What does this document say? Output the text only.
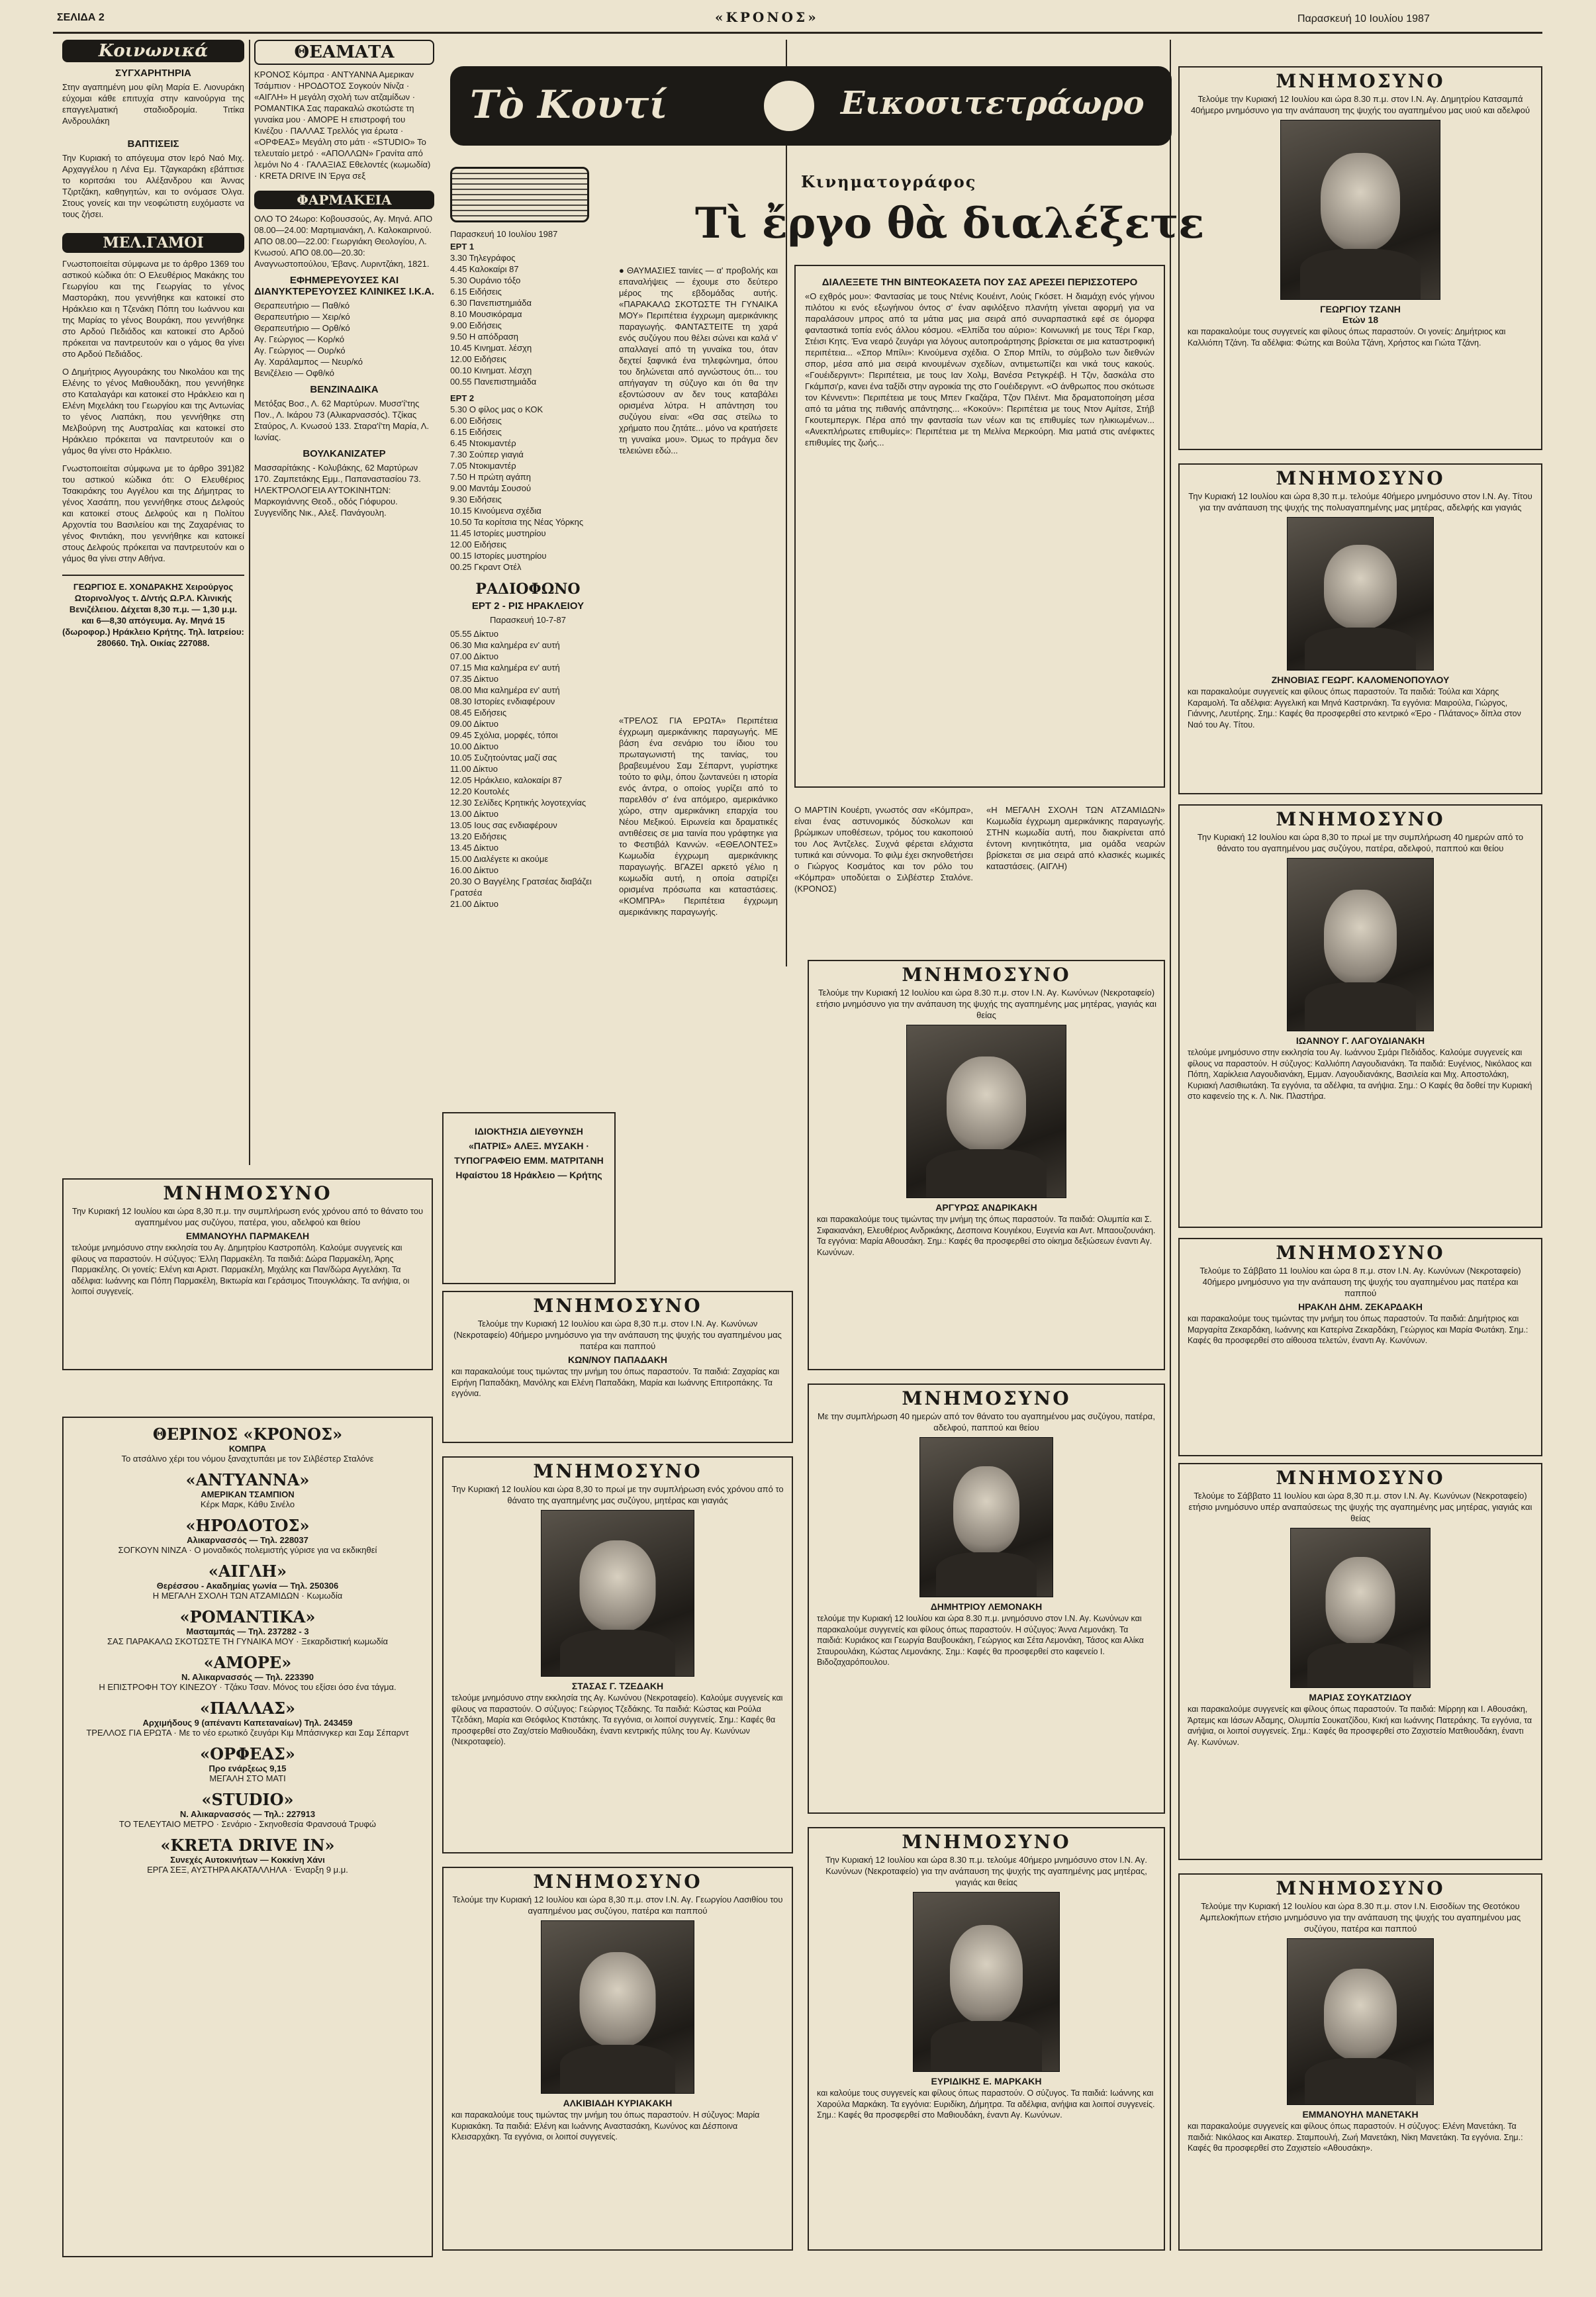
ΣΕΛΙΔΑ 2	«ΚΡΟΝΟΣ»	Παρασκευή 10 Ιουλίου 1987
Κοινωνικά
ΣΥΓΧΑΡΗΤΗΡΙΑ
Στην αγαπημένη μου φίλη Μαρία Ε. Λιονυράκη εύχομαι κάθε επιτυχία στην καινούργια της επαγγελματική σταδιοδρομία. Τιτίκα Ανδρουλάκη
ΒΑΠΤΙΣΕΙΣ
Την Κυριακή το απόγευμα στον Ιερό Ναό Μιχ. Αρχαγγέλου η Λένα Εμ. Τζαγκαράκη εβάπτισε το κοριτσάκι του Αλέξανδρου και Άννας Τζιρτζάκη, καθηγητών, και το ονόμασε Όλγα. Στους γονείς και την νεοφώτιστη ευχόμαστε να τους ζήσει.
ΜΕΛ.ΓΑΜΟΙ
Γνωστοποιείται σύμφωνα με το άρθρο 1369 του αστικού κώδικα ότι: Ο Ελευθέριος Μακάκης του Γεωργίου και της Γεωργίας το γένος Μαστοράκη, που γεννήθηκε και κατοικεί στο Ηράκλειο και η Τζενάκη Πόπη του Ιωάννου και της Μαρίας το γένος Βουράκη, που γεννήθηκε στο Αρδού Πεδιάδος και κατοικεί στο Αρδού πρόκειται να παντρευτούν και ο γάμος θα γίνει στο Αρδού Πεδιάδος.
Ο Δημήτριος Αγγουράκης του Νικολάου και της Ελένης το γένος Μαθιουδάκη, που γεννήθηκε στο Καταλαγάρι και κατοικεί στο Ηράκλειο και η Ελένη Μιχελάκη του Γεωργίου και της Αντωνίας το γένος Λιαπάκη, που γεννήθηκε στη Μελβούρνη της Αυστραλίας και κατοικεί στο Ηράκλειο πρόκειται να παντρευτούν και ο γάμος θα γίνει στο Ηράκλειο.
Γνωστοποιείται σύμφωνα με το άρθρο 391)82 του αστικού κώδικα ότι: Ο Ελευθέριος Τσακιράκης του Αγγέλου και της Δήμητρας το γένος Χασάπη, που γεννήθηκε στους Δελφούς και κατοικεί στους Δελφούς και η Πολίτου Αρχοντία του Βασιλείου και της Ζαχαρένιας το γένος Φιντιάκη, που γεννήθηκε και κατοικεί στους Δελφούς πρόκειται να παντρευτούν και ο γάμος θα γίνει στην Αθήνα.
ΓΕΩΡΓΙΟΣ Ε. ΧΟΝΔΡΑΚΗΣ Χειρούργος Ωτορινολ/γος τ. Δ/ντής Ω.Ρ.Λ. Κλινικής Βενιζέλειου. Δέχεται 8,30 π.μ. — 1,30 μ.μ. και 6—8,30 απόγευμα. Αγ. Μηνά 15 (δωροφορ.) Ηράκλειο Κρήτης. Τηλ. Ιατρείου: 280660. Τηλ. Οικίας 227088.
ΘΕΑΜΑΤΑ
ΚΡΟΝΟΣ Κόμπρα · ΑΝΤΥΑΝΝΑ Αμερικαν Τσάμπιον · ΗΡΟΔΟΤΟΣ Σογκούν Νίνζα · «ΑΙΓΛΗ» Η μεγάλη σχολή των ατζαμίδων · ΡΟΜΑΝΤΙΚΑ Σας παρακαλώ σκοτώστε τη γυναίκα μου · ΑΜΟΡΕ Η επιστροφή του Κινέζου · ΠΑΛΛΑΣ Τρελλός για έρωτα · «ΟΡΦΕΑΣ» Μεγάλη στο μάτι · «STUDIO» Το τελευταίο μετρό · «ΑΠΟΛΛΩΝ» Γρανίτα από λεμόνι Νο 4 · ΓΑΛΑΞΙΑΣ Εθελοντές (κωμωδία) · KRETA DRIVE IN Έργα σεξ
ΦΑΡΜΑΚΕΙΑ
ΟΛΟ ΤΟ 24ωρο: Κοβουσσούς, Αγ. Μηνά. ΑΠΟ 08.00—24.00: Μαρτιμιανάκη, Λ. Καλοκαιρινού. ΑΠΟ 08.00—22.00: Γεωργιάκη Θεολογίου, Λ. Κνωσού. ΑΠΟ 08.00—20.30: Αναγνωστοπούλου, Έβανς. Λυριντζάκη, 1821.
ΕΦΗΜΕΡΕΥΟΥΣΕΣ ΚΑΙ ΔΙΑΝΥΚΤΕΡΕΥΟΥΣΕΣ ΚΛΙΝΙΚΕΣ Ι.Κ.Α.
Θεραπευτήριο — Παθ/κό
Θεραπευτήριο — Χειρ/κό
Θεραπευτήριο — Ορθ/κό
Αγ. Γεώργιος — Κορ/κό
Αγ. Γεώργιος — Ουρ/κό
Αγ. Χαράλαμπος — Νευρ/κό
Βενιζέλειο — Οφθ/κό
ΒΕΝΖΙΝΑΔΙΚΑ
Μετόξας Βοσ., Λ. 62 Μαρτύρων. Μυσσ'ί'της Πον., Λ. Ικάρου 73 (Αλικαρνασσός). Τζίκας Σταύρος, Λ. Κνωσού 133. Σταρα'ί'τη Μαρία, Λ. Ιωνίας.
ΒΟΥΛΚΑΝΙΖΑΤΕΡ
Μασσαρίτάκης - Κολυβάκης, 62 Μαρτύρων 170. Ζαμπετάκης Εμμ., Παπαναστασίου 73. ΗΛΕΚΤΡΟΛΟΓΕΙΑ ΑΥΤΟΚΙΝΗΤΩΝ: Μαρκογιάννης Θεοδ., οδός Γιόφυρου. Συγγενίδης Νικ., Αλεξ. Πανάγουλη.
ΜΝΗΜΟΣΥΝΟ
Την Κυριακή 12 Ιουλίου και ώρα 8,30 π.μ. την συμπλήρωση ενός χρόνου από το θάνατο του αγαπημένου μας συζύγου, πατέρα, γιου, αδελφού και θείου
ΕΜΜΑΝΟΥΗΛ ΠΑΡΜΑΚΕΛΗ
τελούμε μνημόσυνο στην εκκλησία του Αγ. Δημητρίου Καστροπόλη. Καλούμε συγγενείς και φίλους να παραστούν. Η σύζυγος: Έλλη Παρμακέλη. Τα παιδιά: Δώρα Παρμακέλη, Άρης Παρμακέλης. Οι γονείς: Ελένη και Αριστ. Παρμακέλη, Μιχάλης και Παν/δώρα Αγγελάκη. Τα αδέλφια: Ιωάννης και Πόπη Παρμακέλη, Βικτωρία και Γεράσιμος Τιτουγκλάκης. Τα ανήψια, οι λοιποί συγγενείς.
ΘΕΡΙΝΟΣ «ΚΡΟΝΟΣ»
ΚΟΜΠΡΑ
Το ατσάλινο χέρι του νόμου ξαναχτυπάει με τον Σιλβέστερ Σταλόνε
«ΑΝΤΥΑΝΝΑ»
ΑΜΕΡΙΚΑΝ ΤΣΑΜΠΙΟΝ
Κέρκ Μαρκ, Κάθυ Σινέλο
«ΗΡΟΔΟΤΟΣ»
Αλικαρνασσός — Τηλ. 228037
ΣΟΓΚΟΥΝ ΝΙΝΖΑ · Ο μοναδικός πολεμιστής γύρισε για να εκδικηθεί
«ΑΙΓΛΗ»
Θερέσσου - Ακαδημίας γωνία — Τηλ. 250306
Η ΜΕΓΑΛΗ ΣΧΟΛΗ ΤΩΝ ΑΤΖΑΜΙΔΩΝ · Κωμωδία
«ΡΟΜΑΝΤΙΚΑ»
Μασταμπάς — Τηλ. 237282 - 3
ΣΑΣ ΠΑΡΑΚΑΛΩ ΣΚΟΤΩΣΤΕ ΤΗ ΓΥΝΑΙΚΑ ΜΟΥ · Ξεκαρδιστική κωμωδία
«ΑΜΟΡΕ»
Ν. Αλικαρνασσός — Τηλ. 223390
Η ΕΠΙΣΤΡΟΦΗ ΤΟΥ ΚΙΝΕΖΟΥ · Τζάκυ Τσαν. Μόνος του εξίσει όσο ένα τάγμα.
«ΠΑΛΛΑΣ»
Αρχιμήδους 9 (απέναντι Καπεταναίων) Τηλ. 243459
ΤΡΕΛΛΟΣ ΓΙΑ ΕΡΩΤΑ · Με το νέο ερωτικό ζευγάρι Κιμ Μπάσινγκερ και Σαμ Σέπαρντ
«ΟΡΦΕΑΣ»
Προ ενάρξεως 9,15
ΜΕΓΑΛΗ ΣΤΟ ΜΑΤΙ
«STUDIO»
Ν. Αλικαρνασσός — Τηλ.: 227913
ΤΟ ΤΕΛΕΥΤΑΙΟ ΜΕΤΡΟ · Σενάριο - Σκηνοθεσία Φρανσουά Τρυφώ
«KRETA DRIVE IN»
Συνεχές Αυτοκινήτων — Κοκκίνη Χάνι
ΕΡΓΑ ΣΕΞ, ΑΥΣΤΗΡΑ ΑΚΑΤΑΛΛΗΛΑ · Έναρξη 9 μ.μ.
Τὸ Κουτί	Εικοσιτετράωρο
Παρασκευή 10 Ιουλίου 1987
ΕΡΤ 1
3.30 Τηλεγράφος
4.45 Καλοκαίρι 87
5.30 Ουράνιο τόξο
6.15 Ειδήσεις
6.30 Πανεπιστημιάδα
8.10 Μουσικόραμα
9.00 Ειδήσεις
9.50 Η απόδραση
10.45 Κινηματ. λέσχη
12.00 Ειδήσεις
00.10 Κινηματ. λέσχη
00.55 Πανεπιστημιάδα
ΕΡΤ 2
5.30 Ο φίλος μας ο ΚΟΚ
6.00 Ειδήσεις
6.15 Ειδήσεις
6.45 Ντοκιμαντέρ
7.30 Σούπερ γιαγιά
7.05 Ντοκιμαντέρ
7.50 Η πρώτη αγάπη
9.00 Μαντάμ Σουσού
9.30 Ειδήσεις
10.15 Κινούμενα σχέδια
10.50 Τα κορίτσια της Νέας Υόρκης
11.45 Ιστορίες μυστηρίου
12.00 Ειδήσεις
00.15 Ιστορίες μυστηρίου
00.25 Γκραντ Οτέλ
ΡΑΔΙΟΦΩΝΟ
ΕΡΤ 2 - ΡΙΣ ΗΡΑΚΛΕΙΟΥ
Παρασκευή 10-7-87
05.55 Δίκτυο
06.30 Μια καλημέρα εν' αυτή
07.00 Δίκτυο
07.15 Μια καλημέρα εν' αυτή
07.35 Δίκτυο
08.00 Μια καλημέρα εν' αυτή
08.30 Ιστορίες ενδιαφέρουν
08.45 Ειδήσεις
09.00 Δίκτυο
09.45 Σχόλια, μορφές, τόποι
10.00 Δίκτυο
10.05 Συζητούντας μαζί σας
11.00 Δίκτυο
12.05 Ηράκλειο, καλοκαίρι 87
12.20 Κουτολές
12.30 Σελίδες Κρητικής λογοτεχνίας
13.00 Δίκτυο
13.05 Ιους σας ενδιαφέρουν
13.20 Ειδήσεις
13.45 Δίκτυο
15.00 Διαλέγετε κι ακούμε
16.00 Δίκτυο
20.30 Ο Βαγγέλης Γρατσέας διαβάζει Γρατσέα
21.00 Δίκτυο
ΙΔΙΟΚΤΗΣΙΑ ΔΙΕΥΘΥΝΣΗ «ΠΑΤΡΙΣ» ΑΛΕΞ. ΜΥΣΑΚΗ · ΤΥΠΟΓΡΑΦΕΙΟ ΕΜΜ. ΜΑΤΡΙΤΑΝΗ Ηφαίστου 18 Ηράκλειο — Κρήτης
Κινηματογράφος
Τὶ ἔργο θὰ διαλέξετε
● ΘΑΥΜΑΣΙΕΣ ταινίες — α' προβολής και επαναλήψεις — έχουμε στο δεύτερο μέρος της εβδομάδας αυτής. «ΠΑΡΑΚΑΛΩ ΣΚΟΤΩΣΤΕ ΤΗ ΓΥΝΑΙΚΑ ΜΟΥ» Περιπέτεια έγχρωμη αμερικάνικης παραγωγής. ΦΑΝΤΑΣΤΕΙΤΕ τη χαρά ενός συζύγου που θέλει σώνει και καλά ν' απαλλαγεί από τη γυναίκα του, όταν δεχτεί ξαφνικά ένα τηλεφώνημα, όπου του δηλώνεται από αγνώστους ότι... του απήγαγαν τη σύζυγο και ότι θα την εξοντώσουν αν δεν τους καταβάλει ορισμένα λύτρα. Η απάντηση του συζύγου είναι: «Θα σας στείλω το χρήματο που ζητάτε... μόνο να κρατήσετε τη γυναίκα μου». Όμως το πράγμα δεν τελειώνει εδώ...
ΔΙΑΛΕΞΕΤΕ ΤΗΝ ΒΙΝΤΕΟΚΑΣΕΤΑ ΠΟΥ ΣΑΣ ΑΡΕΣΕΙ ΠΕΡΙΣΣΟΤΕΡΟ
«Ο εχθρός μου»: Φαντασίας με τους Ντένις Κουέιντ, Λούις Γκόσετ. Η διαμάχη ενός γήινου πιλότου κι ενός εξωγήινου όντος σ' έναν αφιλόξενο πλανήτη γίνεται αφορμή για να παραλάσουν μπρος από τα μάτια μας μια σειρά από συναρπαστικά εφέ σε όμορφα φανταστικά τοπία ενός άλλου κόσμου. «Ελπίδα του αύριο»: Κοινωνική με τους Τέρι Γκαρ, Στέισι Κητς. Ένα νεαρό ζευγάρι για λόγους αυτοπροάρτησης βρίσκεται σε μια καταστροφική περιπέτεια... «Σπορ Μπίλι»: Κινούμενα σχέδια. Ο Σπορ Μπίλι, το σύμβολο των διεθνών σπορ, μέσα από μια σειρά κινουμένων σχεδίων, αντιμετωπίζει και νικά τους κακούς. «Γουέιδεργιντ»: Περιπέτεια, με τους Ιαν Χολμ, Βανέσα Ρετγκρέιβ. Η Τζιν, δασκάλα στο Γκάμπσι'ρ, κανει ένα ταξίδι στην αγροικία της στο Γουέιδεργιντ. «Ο άνθρωπος που σκότωσε τον Κέννεντι»: Περιπέτεια με τους Μπεν Γκαζάρα, Τζον Πλέιντ. Μια δραματοποίηση μέσα από τα μάτια της πιθανής απάντησης... «Κοκούν»: Περιπέτεια με τους Ντον Αμίτσε, Στήβ Γκουτεμπεργκ. Πέρα από την φαντασία των νέων και τις επιθυμίες των ηλικιωμένων... «Ανεκπλήρωτες επιθυμίες»: Περιπέτεια με τη Μελίνα Μερκούρη. Μια ματιά στις ανέφικτες επιθυμίες της ζωής...
«ΤΡΕΛΟΣ ΓΙΑ ΕΡΩΤΑ» Περιπέτεια έγχρωμη αμερικάνικης παραγωγής. ΜΕ βάση ένα σενάριο του ίδιου του πρωταγωνιστή της ταινίας, του βραβευμένου Σαμ Σέπαρντ, γυρίστηκε τούτο το φιλμ, όπου ζωντανεύει η ιστορία ενός άντρα, ο οποίος γυρίζει από το παρελθόν σ' ένα απόμερο, αμερικάνικο χώρο, στην αμερικάνικη επαρχία του Νέου Μεξικού. Ειρωνεία και δραματικές αντιθέσεις σε μια ταινία που γράφτηκε για το Φεστιβάλ Καννών. «ΕΘΕΛΟΝΤΕΣ» Κωμωδία έγχρωμη αμερικάνικης παραγωγής. ΒΓΑΖΕΙ αρκετό γέλιο η κωμωδία αυτή, η οποία σατιρίζει ορισμένα πρόσωπα και καταστάσεις. «ΚΟΜΠΡΑ» Περιπέτεια έγχρωμη αμερικάνικης παραγωγής.
Ο ΜΑΡΤΙΝ Κουέρτι, γνωστός σαν «Κόμπρα», είναι ένας αστυνομικός δύσκολων και βρώμικων υποθέσεων, τρόμος του κακοποιού του Λος Άντζελες. Συχνά φέρεται ελάχιστα τυπικά και σύννομα. Το φιλμ έχει σκηνοθετήσει ο Γιώργος Κοσμάτος και τον ρόλο του «Κόμπρα» υποδύεται ο Σιλβέστερ Σταλόνε. (ΚΡΟΝΟΣ)
«Η ΜΕΓΑΛΗ ΣΧΟΛΗ ΤΩΝ ΑΤΖΑΜΙΔΩΝ» Κωμωδία έγχρωμη αμερικάνικης παραγωγής. ΣΤΗΝ κωμωδία αυτή, που διακρίνεται από έντονη κινητικότητα, μια ομάδα νεαρών βρίσκεται σε μια σειρά από κλασικές κωμικές καταστάσεις. (ΑΙΓΛΗ)
ΜΝΗΜΟΣΥΝΟ
Τελούμε την Κυριακή 12 Ιουλίου και ώρα 8,30 π.μ. στον Ι.Ν. Αγ. Κωνύνων (Νεκροταφείο) 40ήμερο μνημόσυνο για την ανάπαυση της ψυχής του αγαπημένου μας πατέρα και παππού
ΚΩΝ/ΝΟΥ ΠΑΠΑΔΑΚΗ
και παρακαλούμε τους τιμώντας την μνήμη του όπως παραστούν. Τα παιδιά: Ζαχαρίας και Ειρήνη Παπαδάκη, Μανόλης και Ελένη Παπαδάκη, Μαρία και Ιωάννης Επιτροπάκης. Τα εγγόνια.
ΜΝΗΜΟΣΥΝΟ
Την Κυριακή 12 Ιουλίου και ώρα 8,30 το πρωί με την συμπλήρωση ενός χρόνου από το θάνατο της αγαπημένης μας συζύγου, μητέρας και γιαγιάς
ΣΤΑΣΑΣ Γ. ΤΖΕΔΑΚΗ
τελούμε μνημόσυνο στην εκκλησία της Αγ. Κωνύνου (Νεκροταφείο). Καλούμε συγγενείς και φίλους να παραστούν. Ο σύζυγος: Γεώργιος Τζεδάκης. Τα παιδιά: Κώστας και Ρούλα Τζεδάκη, Μαρία και Θεόφιλος Κτιστάκης. Τα εγγόνια, οι λοιποί συγγενείς. Σημ.: Καφές θα προσφερθεί στο Ζαχ/στείο Μαθιουδάκη, έναντι κεντρικής πύλης του Αγ. Κωνύνων (Νεκροταφείο).
ΜΝΗΜΟΣΥΝΟ
Τελούμε την Κυριακή 12 Ιουλίου και ώρα 8,30 π.μ. στον Ι.Ν. Αγ. Γεωργίου Λασιθίου του αγαπημένου μας συζύγου, πατέρα και παππού
ΑΛΚΙΒΙΑΔΗ ΚΥΡΙΑΚΑΚΗ
και παρακαλούμε τους τιμώντας την μνήμη του όπως παραστούν. Η σύζυγος: Μαρία Κυριακάκη. Τα παιδιά: Ελένη και Ιωάννης Αναστασάκη, Κωνύνος και Δέσποινα Κλεισαρχάκη. Τα εγγόνια, οι λοιποί συγγενείς.
ΜΝΗΜΟΣΥΝΟ
Τελούμε την Κυριακή 12 Ιουλίου και ώρα 8.30 π.μ. στον Ι.Ν. Αγ. Κωνύνων (Νεκροταφείο) ετήσιο μνημόσυνο για την ανάπαυση της ψυχής της αγαπημένης μας μητέρας, γιαγιάς και θείας
ΑΡΓΥΡΩΣ ΑΝΔΡΙΚΑΚΗ
και παρακαλούμε τους τιμώντας την μνήμη της όπως παραστούν. Τα παιδιά: Ολυμπία και Σ. Σιφακιανάκη, Ελευθέριος Ανδρικάκης, Δεσποινα Κουγιέκου, Ευγενία και Αντ. Μπαουζουνάκη. Τα εγγόνια: Μαρία Αθουσάκη. Σημ.: Καφές θα προσφερθεί στο οίκημα δεξιώσεων έναντι Αγ. Κωνύνων.
ΜΝΗΜΟΣΥΝΟ
Με την συμπλήρωση 40 ημερών από τον θάνατο του αγαπημένου μας συζύγου, πατέρα, αδελφού, παππού και θείου
ΔΗΜΗΤΡΙΟΥ ΛΕΜΟΝΑΚΗ
τελούμε την Κυριακή 12 Ιουλίου και ώρα 8.30 π.μ. μνημόσυνο στον Ι.Ν. Αγ. Κωνύνων και παρακαλούμε συγγενείς και φίλους όπως παραστούν. Η σύζυγος: Άννα Λεμονάκη. Τα παιδιά: Κυριάκος και Γεωργία Βαυβουκάκη, Γεώργιος και Σέτα Λεμονάκη, Τάσος και Αλίκα Σταυρουλάκη, Κώστας Λεμονάκης. Σημ.: Καφές θα προσφερθεί στο καφενείο Ι. Βιδοζαχαρόπουλου.
ΜΝΗΜΟΣΥΝΟ
Την Κυριακή 12 Ιουλίου και ώρα 8.30 π.μ. τελούμε 40ήμερο μνημόσυνο στον Ι.Ν. Αγ. Κωνύνων (Νεκροταφείο) για την ανάπαυση της ψυχής της αγαπημένης μας μητέρας, γιαγιάς και θείας
ΕΥΡΙΔΙΚΗΣ Ε. ΜΑΡΚΑΚΗ
και καλούμε τους συγγενείς και φίλους όπως παραστούν. Ο σύζυγος. Τα παιδιά: Ιωάννης και Χαρούλα Μαρκάκη. Τα εγγόνια: Ευριδίκη, Δήμητρα. Τα αδέλφια, ανήψια και λοιποί συγγενείς. Σημ.: Καφές θα προσφερθεί στο Μαθιουδάκη, έναντι Αγ. Κωνύνων.
ΜΝΗΜΟΣΥΝΟ
Τελούμε την Κυριακή 12 Ιουλίου και ώρα 8.30 π.μ. στον Ι.Ν. Αγ. Δημητρίου Κατσαμπά 40ήμερο μνημόσυνο για την ανάπαυση της ψυχής του αγαπημένου μας υιού και αδελφού
ΓΕΩΡΓΙΟΥ ΤΖΑΝΗ
Ετών 18
και παρακαλούμε τους συγγενείς και φίλους όπως παραστούν. Οι γονείς: Δημήτριος και Καλλιόπη Τζάνη. Τα αδέλφια: Φώτης και Βούλα Τζάνη, Χρήστος και Γιώτα Τζάνη.
ΜΝΗΜΟΣΥΝΟ
Την Κυριακή 12 Ιουλίου και ώρα 8,30 π.μ. τελούμε 40ήμερο μνημόσυνο στον Ι.Ν. Αγ. Τίτου για την ανάπαυση της ψυχής της πολυαγαπημένης μας μητέρας, αδελφής και γιαγιάς
ΖΗΝΟΒΙΑΣ ΓΕΩΡΓ. ΚΑΛΟΜΕΝΟΠΟΥΛΟΥ
και παρακαλούμε συγγενείς και φίλους όπως παραστούν. Τα παιδιά: Τούλα και Χάρης Καραμολή. Τα αδέλφια: Αγγελική και Μηνά Καστρινάκη. Τα εγγόνια: Μαιρούλα, Γιώργος, Γιάννης, Λευτέρης. Σημ.: Καφές θα προσφερθεί στο κεντρικό «Έρο - Πλάτανος» δίπλα στον Ναό του Αγ. Τίτου.
ΜΝΗΜΟΣΥΝΟ
Την Κυριακή 12 Ιουλίου και ώρα 8,30 το πρωί με την συμπλήρωση 40 ημερών από το θάνατο του αγαπημένου μας συζύγου, πατέρα, αδελφού, παππού και θείου
ΙΩΑΝΝΟΥ Γ. ΛΑΓΟΥΔΙΑΝΑΚΗ
τελούμε μνημόσυνο στην εκκλησία του Αγ. Ιωάννου Σμάρι Πεδιάδος. Καλούμε συγγενείς και φίλους να παραστούν. Η σύζυγος: Καλλιόπη Λαγουδιανάκη. Τα παιδιά: Ευγένιος, Νικόλαος και Πόπη, Χαρίκλεια Λαγουδιανάκη, Εμμαν. Λαγουδιανάκης, Βασιλεία και Μιχ. Αποστολάκη, Κυριακή Λασιθιωτάκη. Τα εγγόνια, τα αδέλφια, τα ανήψια. Σημ.: Ο Καφές θα δοθεί την Κυριακή στο καφενείο της κ. Λ. Νικ. Πλαστήρα.
ΜΝΗΜΟΣΥΝΟ
Τελούμε το Σάββατο 11 Ιουλίου και ώρα 8 π.μ. στον Ι.Ν. Αγ. Κωνύνων (Νεκροταφείο) 40ήμερο μνημόσυνο για την ανάπαυση της ψυχής του αγαπημένου μας πατέρα και παππού
ΗΡΑΚΛΗ ΔΗΜ. ΖΕΚΑΡΔΑΚΗ
και παρακαλούμε τους τιμώντας την μνήμη του όπως παραστούν. Τα παιδιά: Δημήτριος και Μαργαρίτα Ζεκαρδάκη, Ιωάννης και Κατερίνα Ζεκαρδάκη, Γεώργιος και Μαρία Φωτάκη. Σημ.: Καφές θα προσφερθεί στο αίθουσα τελετών, έναντι Αγ. Κωνύνων.
ΜΝΗΜΟΣΥΝΟ
Τελούμε το Σάββατο 11 Ιουλίου και ώρα 8,30 π.μ. στον Ι.Ν. Αγ. Κωνύνων (Νεκροταφείο) ετήσιο μνημόσυνο υπέρ αναπαύσεως της ψυχής της αγαπημένης μας μητέρας, γιαγιάς και θείας
ΜΑΡΙΑΣ ΣΟΥΚΑΤΖΙΔΟΥ
και παρακαλούμε συγγενείς και φίλους όπως παραστούν. Τα παιδιά: Μίρρηη και Ι. Αθουσάκη, Άρτεμις και Ιάσων Αδαμης, Ολυμπία Σουκατζίδου, Κική και Ιωάννης Πατεράκης. Τα εγγόνια, τα ανήψια, οι λοιποί συγγενείς. Σημ.: Καφές θα προσφερθεί στο Ζαχιστείο Ματθιουδάκη, έναντι Αγ. Κωνύνων.
ΜΝΗΜΟΣΥΝΟ
Τελούμε την Κυριακή 12 Ιουλίου και ώρα 8.30 π.μ. στον Ι.Ν. Εισοδίων της Θεοτόκου Αμπελοκήπων ετήσιο μνημόσυνο για την ανάπαυση της ψυχής του αγαπημένου μας συζύγου, πατέρα και παππού
ΕΜΜΑΝΟΥΗΛ ΜΑΝΕΤΑΚΗ
και παρακαλούμε συγγενείς και φίλους όπως παραστούν. Η σύζυγος: Ελένη Μανετάκη. Τα παιδιά: Νικόλαος και Αικατερ. Σταμπουλή, Ζωή Μανετάκη, Νίκη Μανετάκη. Τα εγγόνια. Σημ.: Καφές θα προσφερθεί στο Ζαχιστείο «Αθουσάκη».
